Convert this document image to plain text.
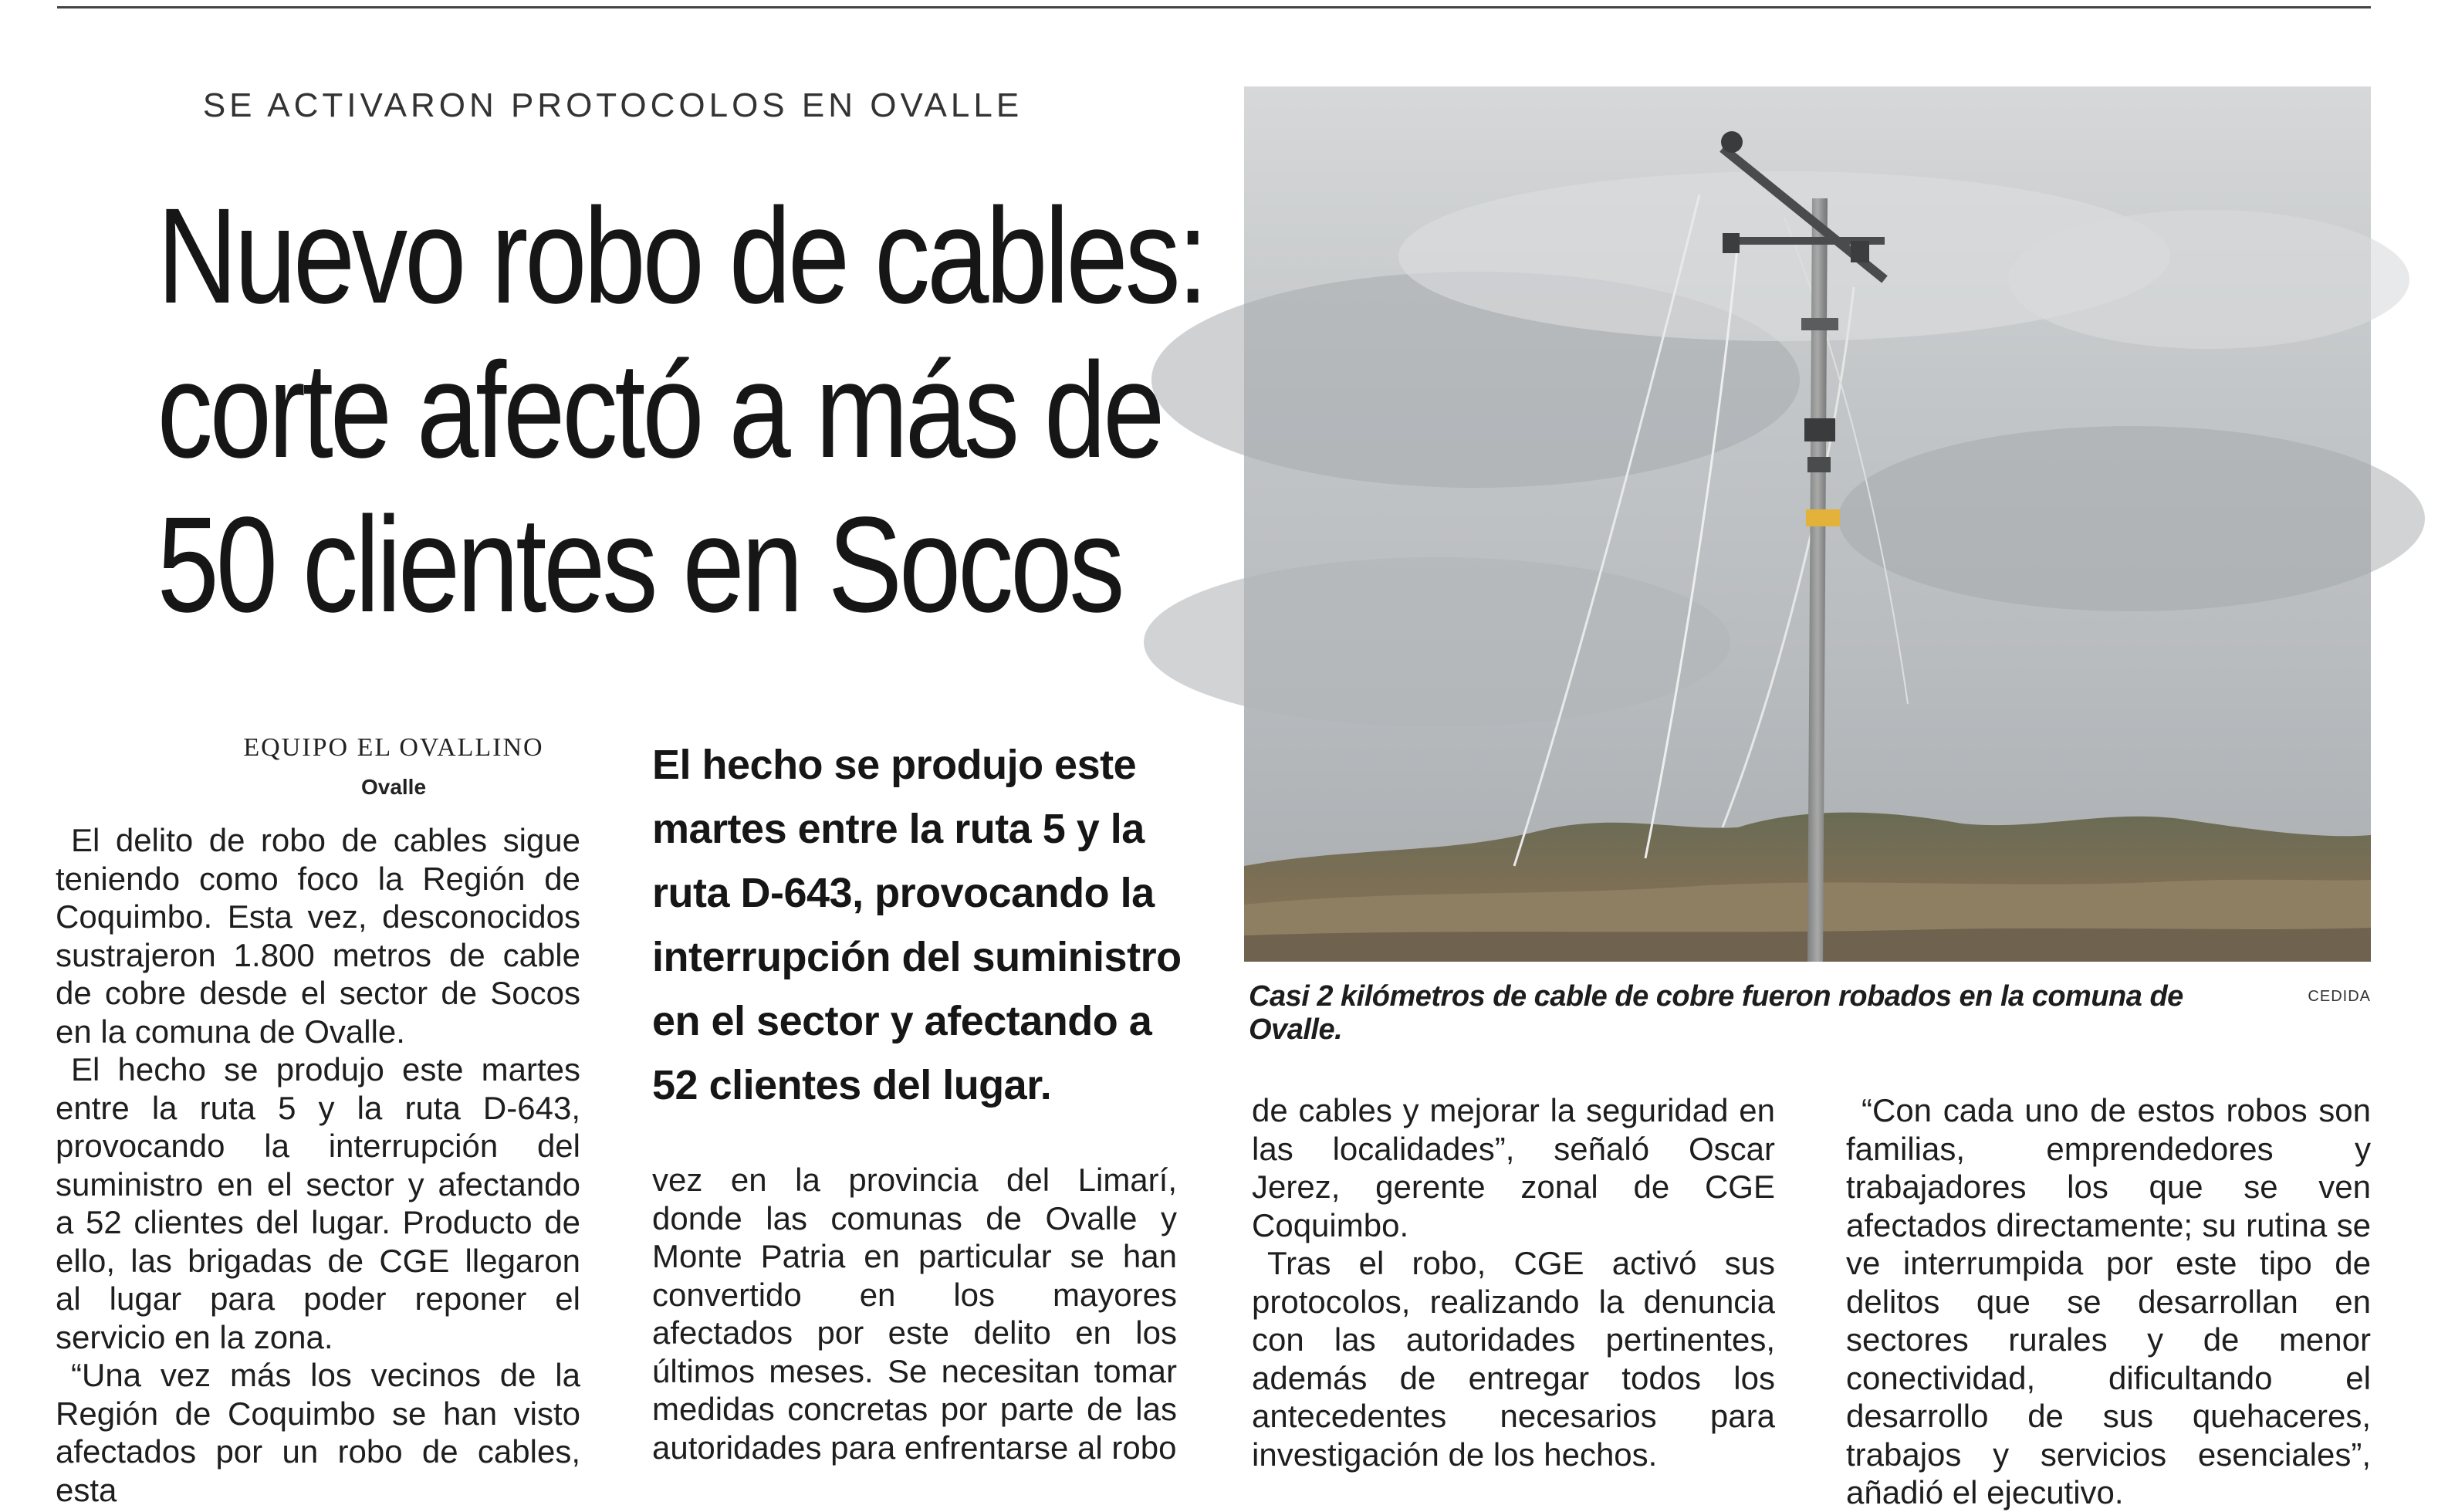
SE ACTIVARON PROTOCOLOS EN OVALLE
Nuevo robo de cables:
corte afectó a más de
50 clientes en Socos
EQUIPO EL OVALLINO
Ovalle

El delito de robo de cables sigue teniendo como foco la Región de Coquimbo. Esta vez, desconocidos sustrajeron 1.800 metros de cable de cobre desde el sector de Socos en la comuna de Ovalle.

El hecho se produjo este martes entre la ruta 5 y la ruta D-643, provocando la interrupción del suministro en el sector y afectando a 52 clientes del lugar. Producto de ello, las brigadas de CGE llegaron al lugar para poder reponer el servicio en la zona.

“Una vez más los vecinos de la Región de Coquimbo se han visto afectados por un robo de cables, esta

El hecho se produjo este martes entre la ruta 5 y la ruta D-643, provocando la interrupción del suministro en el sector y afectando a 52 clientes del lugar.

vez en la provincia del Limarí, donde las comunas de Ovalle y Monte Patria en particular se han convertido en los mayores afectados por este delito en los últimos meses. Se necesitan tomar medidas concretas por parte de las autoridades para enfrentarse al robo

Casi 2 kilómetros de cable de cobre fueron robados en la comuna de Ovalle.
CEDIDA

de cables y mejorar la seguridad en las localidades”, señaló Oscar Jerez, gerente zonal de CGE Coquimbo.

Tras el robo, CGE activó sus protocolos, realizando la denuncia con las autoridades pertinentes, además de entregar todos los antecedentes necesarios para investigación de los hechos.

“Con cada uno de estos robos son familias, emprendedores y trabajadores los que se ven afectados directamente; su rutina se ve interrumpida por este tipo de delitos que se desarrollan en sectores rurales y de menor conectividad, dificultando el desarrollo de sus quehaceres, trabajos y servicios esenciales”, añadió el ejecutivo.
